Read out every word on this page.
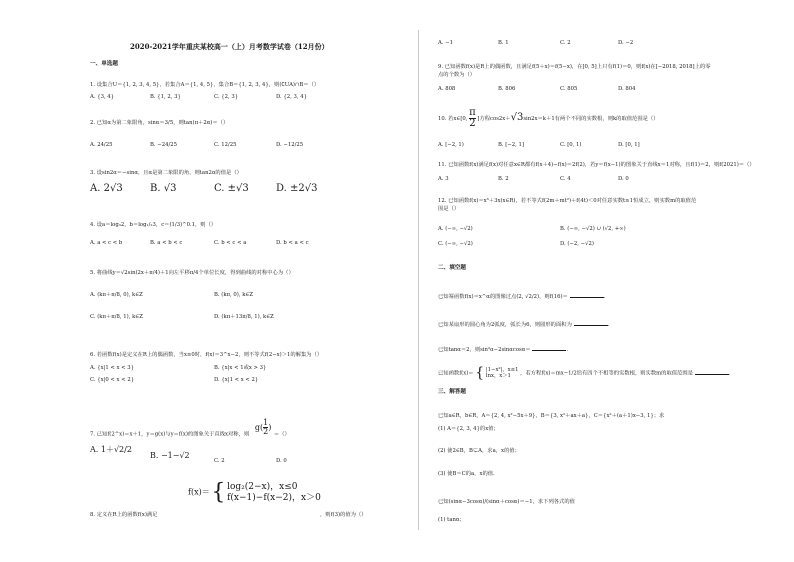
2020-2021学年重庆某校高一（上）月考数学试卷（12月份）
一、单选题
1. 设集合U＝{1, 2, 3, 4, 5}，若集合A＝{1, 4, 5}，集合B＝{1, 2, 3, 4}，则(∁UA)∩B＝（）
A. {3, 4}	B. {1, 2, 3}	C. {2, 3}	D. {2, 3, 4}
2. 已知α为第二象限角，sinα＝3/5，则tan(π＋2α)＝（）
A. 24/25	B. −24/25	C. 12/25	D. −12/25
3. 设sin2α＝−sinα，且α是第二象限的角，则tan2α的值是（）
A. 2√3	B. √3	C. ±√3	D. ±2√3
4. 设a＝log₃2，b＝log₁/₂3，c＝(1/3)^0.1，则（）
A. a < c < b	B. a < b < c	C. b < c < a	D. b < a < c
5. 将曲线y＝√2sin(2x＋π/4)＋1向左平移π/4个单位长度，得到曲线的对称中心为（）
A. (kπ＋π/8, 0), k∈Z	B. (kπ, 0), k∈Z
C. (kπ＋π/8, 1), k∈Z	D. (kπ＋13π/8, 1), k∈Z
6. 若函数f(x)是定义在R上的偶函数，当x≥0时，f(x)＝3^x−2，则不等式f(2−x)＞1的解集为（）
A. {x|1 < x < 3}	B. {x|x < 1或x > 3}
C. {x|0 < x < 2}	D. {x|1 < x < 2}
7. 已知f(2^x)＝x＋1，y＝g(x)与y＝f(x)的图象关于直线x对称，则 $g( \frac{1}{2}$ ) ＝（）
A. 1＋√2/2
B. −1−√2
C. 2	D. 0
8. 定义在R上的函数f(x)满足
f(x)＝ { log₂(2−x)，x≤0
f(x−1)−f(x−2)，x＞0
，则f(3)的值为（）
A. −1	B. 1	C. 2	D. −2
9. 已知函数f(x)是R上的偶函数，且满足f(5＋x)＝f(5−x)，在[0, 5]上只有f(1)＝0，则f(x)在[−2018, 2018]上的零
点的个数为（）
A. 808	B. 806	C. 805	D. 804
10. 若x∈[0, $\frac{\pi}{2}$ ]方程cos2x＋√3sin2x＝k＋1有两个不同的实数根，则k的取值范围是（）
A. [−2, 1)	B. [−2, 1]	C. [0, 1)	D. [0, 1]
11. 已知函数f(x)满足f(x)对任意x∈R都有f(x＋4)−f(x)＝2f(2)，若y＝f(x−1)的图象关于直线x＝1对称，且f(1)＝2，则f(2021)＝（）
A. 3	B. 2	C. 4	D. 0
12. 已知函数f(x)＝x³＋3x(x∈R)，若不等式f(2m＋mt²)＋f(4t)＜0对任意实数t≥1恒成立，则实数m的取值范
围是（）
A. (−∞, −√2)	B. (−∞, −√2) ∪ (√2, +∞)
C. (−∞, −√2)	D. (−2, −√2)
二、填空题
已知幂函数f(x)＝x^α的图像过点(2, √2/2)，则f(16)＝	.
已知某扇形的圆心角为2弧度，弧长为6，则圆形的面积为	.
已知tanα＝2，则sin²α−2sinαcosα＝	.
已知函数f(x)＝ { |1−x²|，x≤1
lnx，x＞1	，若方程f(x)＝mx−1/2恰有四个不相等的实数根，则实数m的取值范围是	.
三、解答题
已知a∈R，b∈R，A＝{2, 4, x²−5x＋9}，B＝{3, x²＋ax＋a}，C＝{x²＋(a＋1)x−3, 1}；求
(1) A＝{2, 3, 4}的x值；
(2) 使2∈B，B⊊A，求a，x的值；
(3) 使B＝C的a，x的值.
已知(sinα−3cosα)/(sinα＋cosα)＝−1，求下列各式的值
(1) tanα；
